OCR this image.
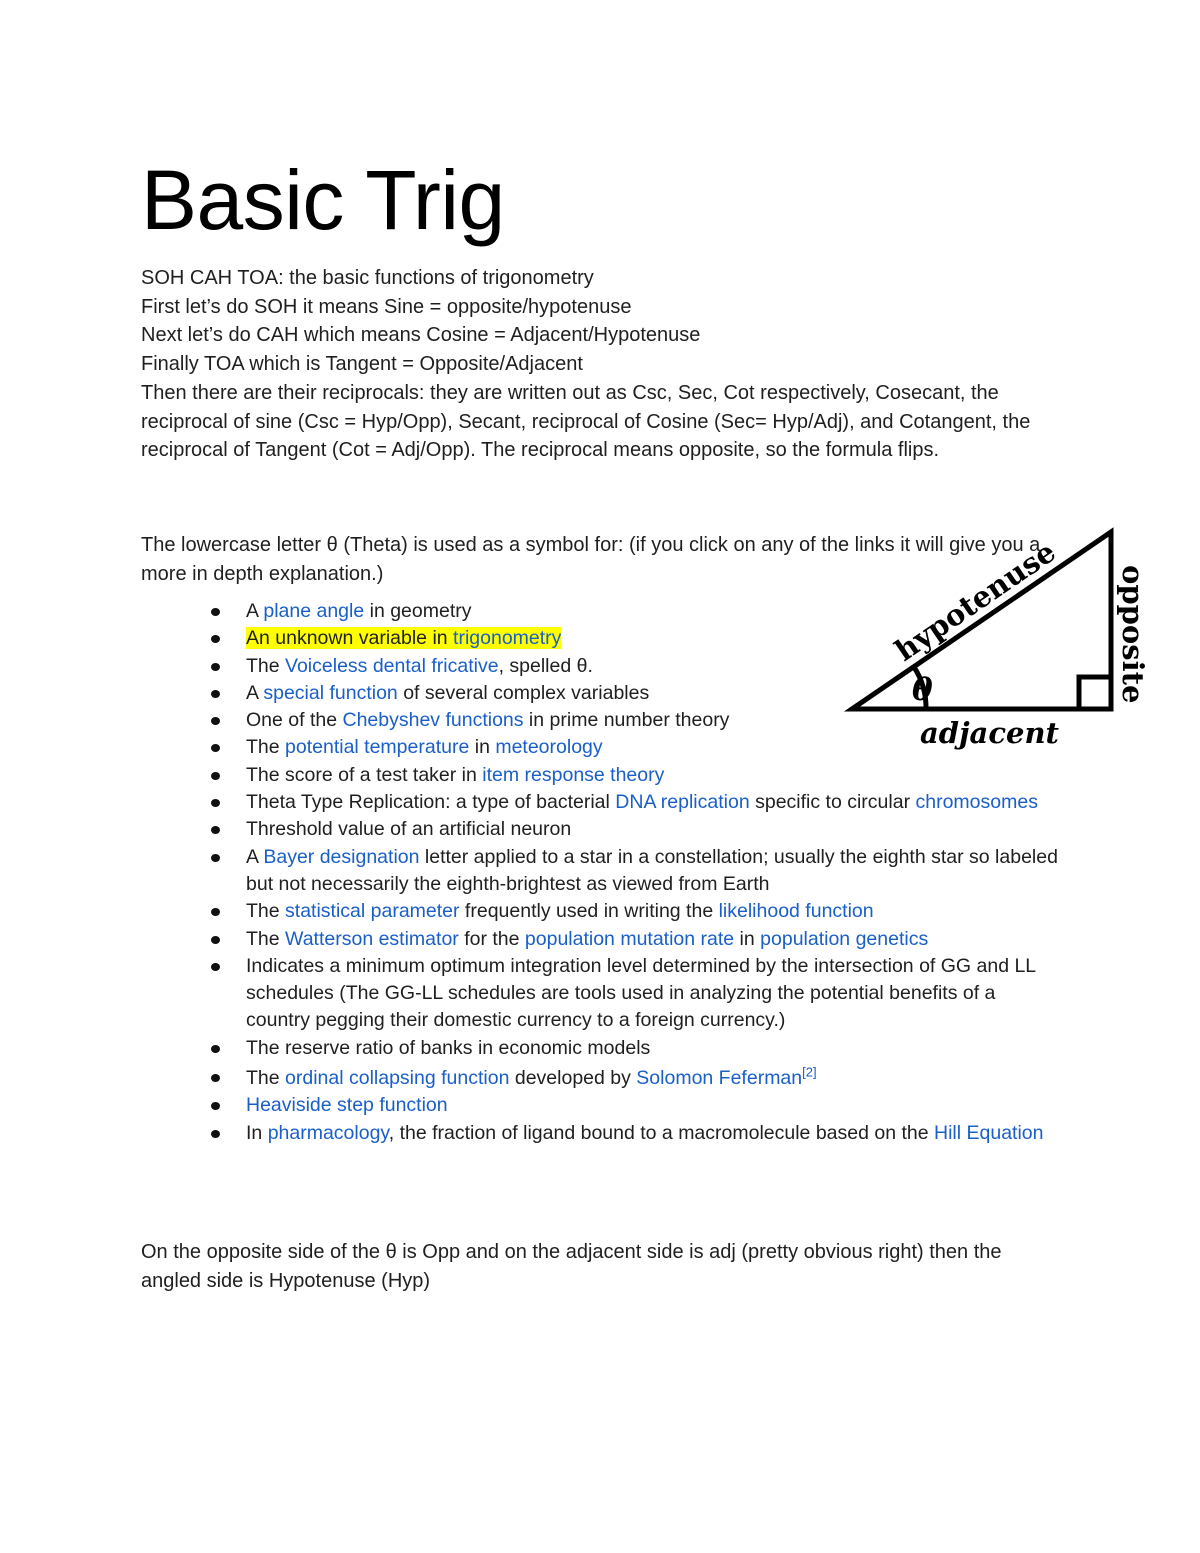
Basic Trig
SOH CAH TOA: the basic functions of trigonometry
First let’s do SOH it means Sine = opposite/hypotenuse
Next let’s do CAH which means Cosine = Adjacent/Hypotenuse
Finally TOA which is Tangent = Opposite/Adjacent
Then there are their reciprocals: they are written out as Csc, Sec, Cot respectively, Cosecant, the reciprocal of sine (Csc = Hyp/Opp), Secant, reciprocal of Cosine (Sec= Hyp/Adj), and Cotangent, the reciprocal of Tangent (Cot = Adj/Opp). The reciprocal means opposite, so the formula flips.

The lowercase letter θ (Theta) is used as a symbol for: (if you click on any of the links it will give you a more in depth explanation.)

A plane angle in geometry
An unknown variable in trigonometry
The Voiceless dental fricative, spelled θ.
A special function of several complex variables
One of the Chebyshev functions in prime number theory
The potential temperature in meteorology
The score of a test taker in item response theory
Theta Type Replication: a type of bacterial DNA replication specific to circular chromosomes
Threshold value of an artificial neuron
A Bayer designation letter applied to a star in a constellation; usually the eighth star so labeled but not necessarily the eighth-brightest as viewed from Earth
The statistical parameter frequently used in writing the likelihood function
The Watterson estimator for the population mutation rate in population genetics
Indicates a minimum optimum integration level determined by the intersection of GG and LL schedules (The GG-LL schedules are tools used in analyzing the potential benefits of a country pegging their domestic currency to a foreign currency.)
The reserve ratio of banks in economic models
The ordinal collapsing function developed by Solomon Feferman[2]
Heaviside step function
In pharmacology, the fraction of ligand bound to a macromolecule based on the Hill Equation

On the opposite side of the θ is Opp and on the adjacent side is adj (pretty obvious right) then the angled side is Hypotenuse (Hyp)

hypotenuse opposite
adjacent
θ
